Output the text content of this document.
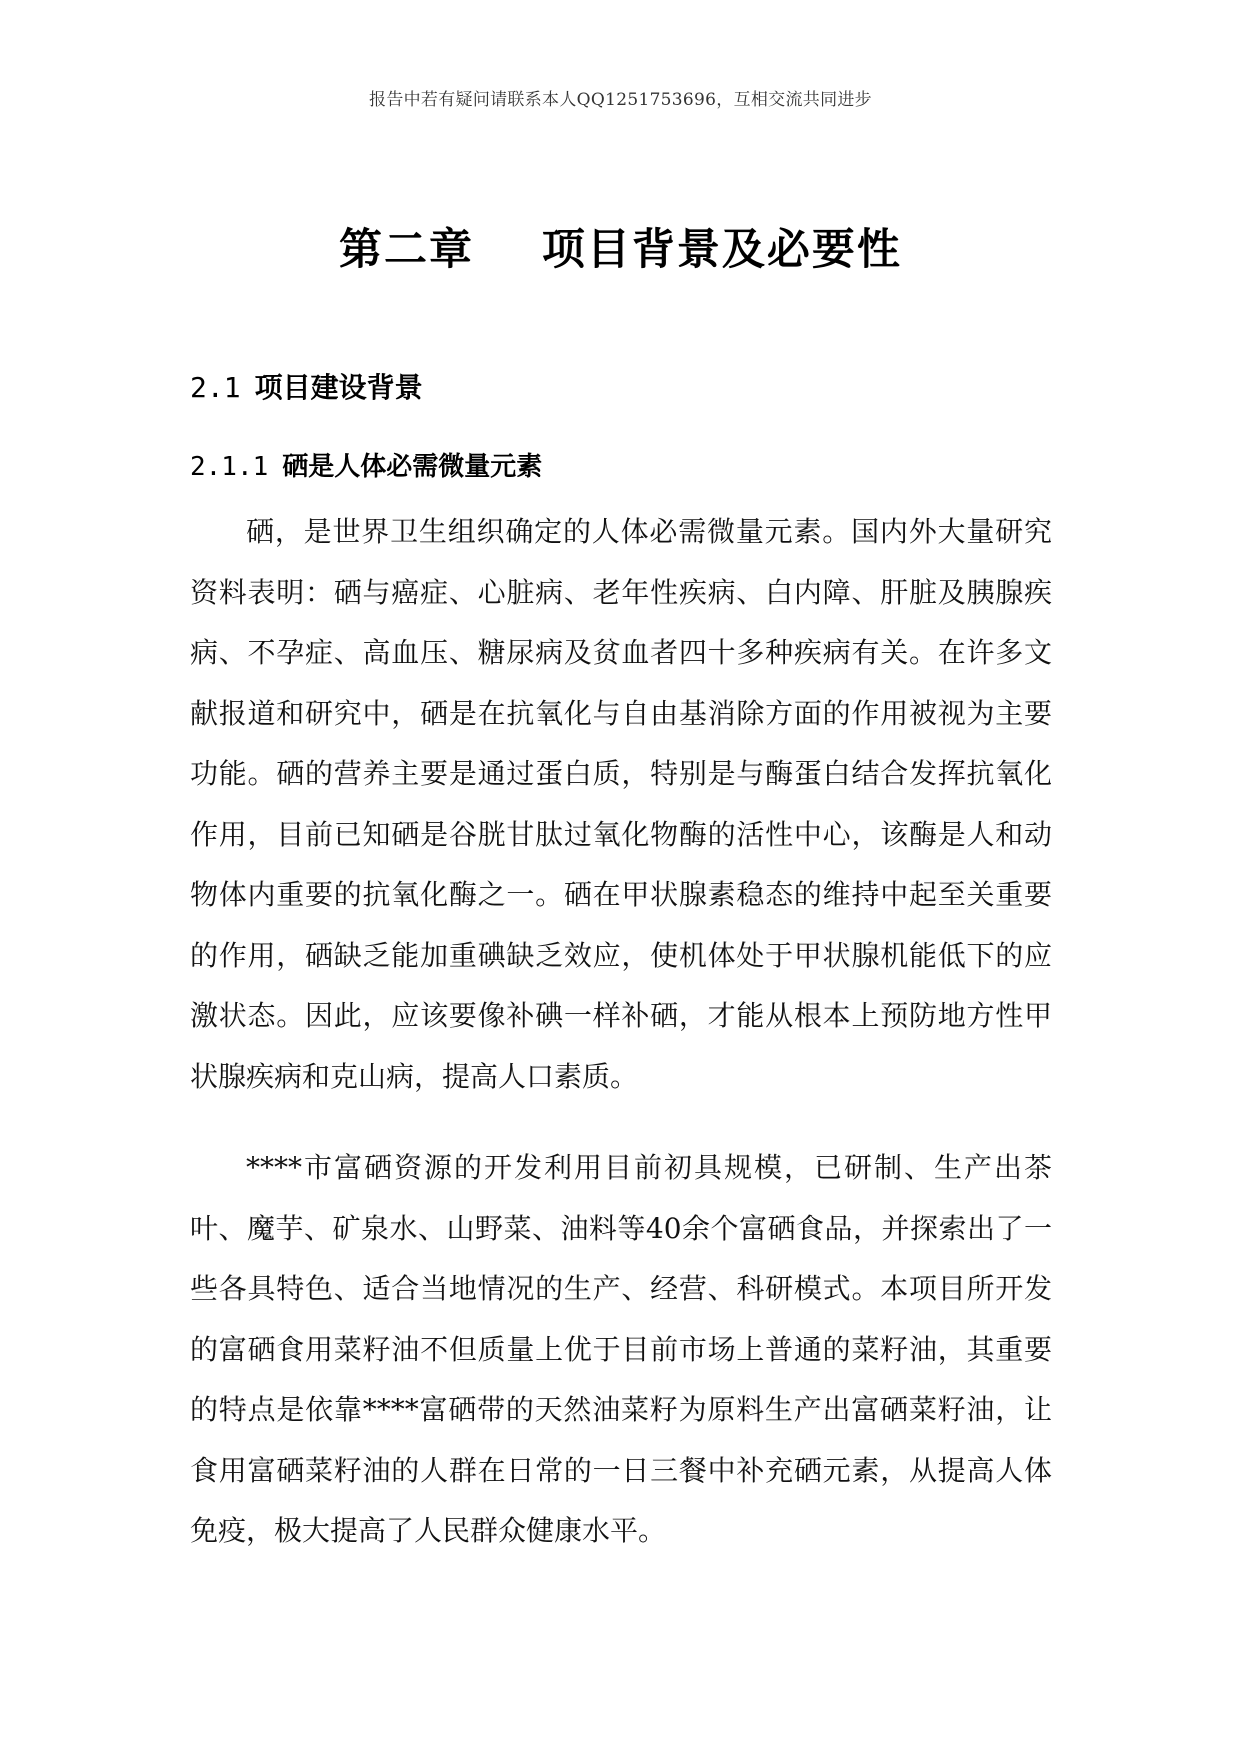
报告中若有疑问请联系本人QQ1251753696，互相交流共同进步
第二章    项目背景及必要性
2.1 项目建设背景
2.1.1 硒是人体必需微量元素

硒，是世界卫生组织确定的人体必需微量元素。国内外大量研究资料表明：硒与癌症、心脏病、老年性疾病、白内障、肝脏及胰腺疾病、不孕症、高血压、糖尿病及贫血者四十多种疾病有关。在许多文献报道和研究中，硒是在抗氧化与自由基消除方面的作用被视为主要功能。硒的营养主要是通过蛋白质，特别是与酶蛋白结合发挥抗氧化作用，目前已知硒是谷胱甘肽过氧化物酶的活性中心，该酶是人和动物体内重要的抗氧化酶之一。硒在甲状腺素稳态的维持中起至关重要的作用，硒缺乏能加重碘缺乏效应，使机体处于甲状腺机能低下的应激状态。因此，应该要像补碘一样补硒，才能从根本上预防地方性甲状腺疾病和克山病，提高人口素质。

****市富硒资源的开发利用目前初具规模，已研制、生产出茶叶、魔芋、矿泉水、山野菜、油料等40余个富硒食品，并探索出了一些各具特色、适合当地情况的生产、经营、科研模式。本项目所开发的富硒食用菜籽油不但质量上优于目前市场上普通的菜籽油，其重要的特点是依靠****富硒带的天然油菜籽为原料生产出富硒菜籽油，让食用富硒菜籽油的人群在日常的一日三餐中补充硒元素，从提高人体免疫，极大提高了人民群众健康水平。
